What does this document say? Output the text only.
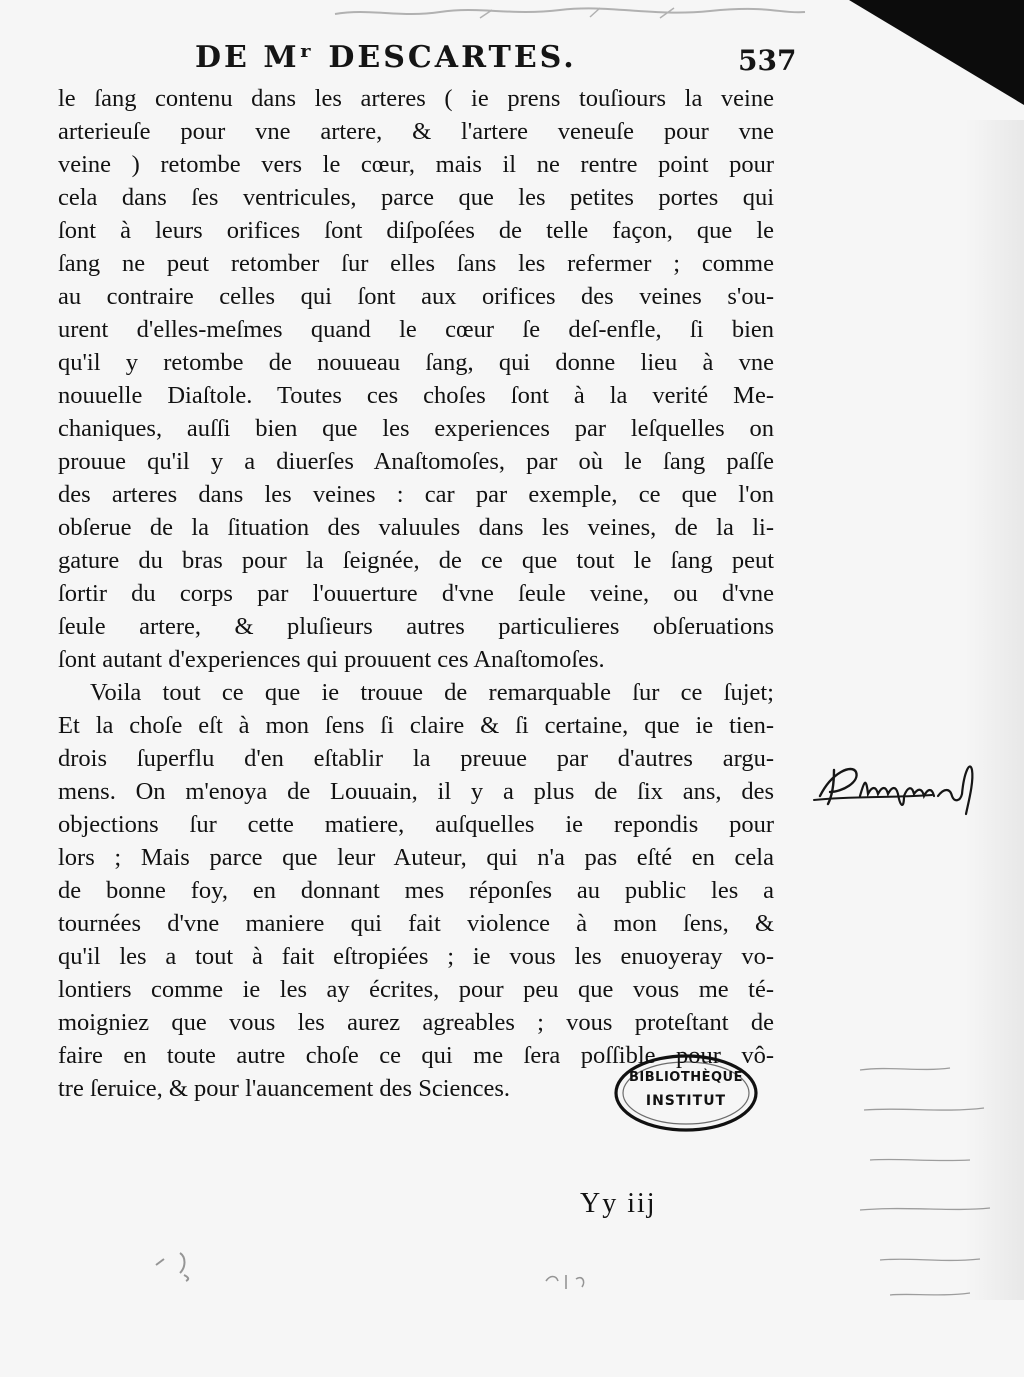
DE Mʳ DESCARTES.	537
le ſang contenu dans les arteres ( ie prens touſiours la veine
arterieuſe pour vne artere, & l'artere veneuſe pour vne
veine ) retombe vers le cœur, mais il ne rentre point pour
cela dans ſes ventricules, parce que les petites portes qui
ſont à leurs orifices ſont diſpoſées de telle façon, que le
ſang ne peut retomber ſur elles ſans les refermer ; comme
au contraire celles qui ſont aux orifices des veines s'ou-
urent d'elles-meſmes quand le cœur ſe deſ-enfle, ſi bien
qu'il y retombe de nouueau ſang, qui donne lieu à vne
nouuelle Diaſtole. Toutes ces choſes ſont à la verité Me-
chaniques, auſſi bien que les experiences par leſquelles on
prouue qu'il y a diuerſes Anaſtomoſes, par où le ſang paſſe
des arteres dans les veines : car par exemple, ce que l'on
obſerue de la ſituation des valuules dans les veines, de la li-
gature du bras pour la ſeignée, de ce que tout le ſang peut
ſortir du corps par l'ouuerture d'vne ſeule veine, ou d'vne
ſeule artere, & pluſieurs autres particulieres obſeruations
ſont autant d'experiences qui prouuent ces Anaſtomoſes.
Voila tout ce que ie trouue de remarquable ſur ce ſujet;
Et la choſe eſt à mon ſens ſi claire & ſi certaine, que ie tien-
drois ſuperflu d'en eſtablir la preuue par d'autres argu-
mens. On m'enoya de Louuain, il y a plus de ſix ans, des
objections ſur cette matiere, auſquelles ie repondis pour
lors ; Mais parce que leur Auteur, qui n'a pas eſté en cela
de bonne foy, en donnant mes réponſes au public les a
tournées d'vne maniere qui fait violence à mon ſens, &
qu'il les a tout à fait eſtropiées ; ie vous les enuoyeray vo-
lontiers comme ie les ay écrites, pour peu que vous me té-
moigniez que vous les aurez agreables ; vous proteſtant de
faire en toute autre choſe ce qui me ſera poſſible pour vô-
tre ſeruice, & pour l'auancement des Sciences.	BIBLIOTHÈQUE
INSTITUT
Yy iij
